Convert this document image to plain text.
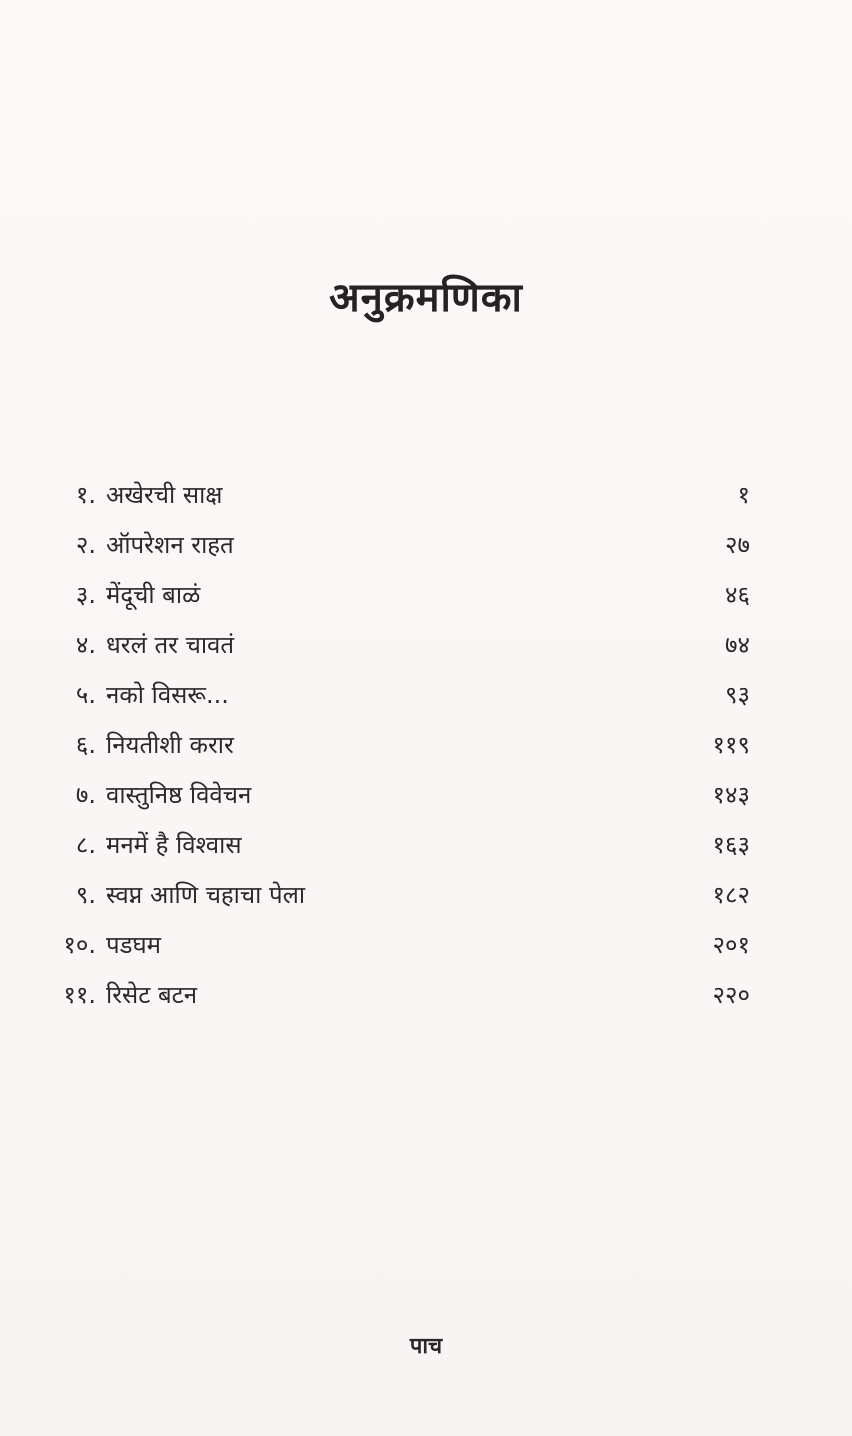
अनुक्रमणिका
१. अखेरची साक्ष	१
२. ऑपरेशन राहत	२७
३. मेंदूची बाळं	४६
४. धरलं तर चावतं	७४
५. नको विसरू...	९३
६. नियतीशी करार	११९
७. वास्तुनिष्ठ विवेचन	१४३
८. मनमें है विश्वास	१६३
९. स्वप्न आणि चहाचा पेला	१८२
१०. पडघम	२०१
११. रिसेट बटन	२२०
पाच
